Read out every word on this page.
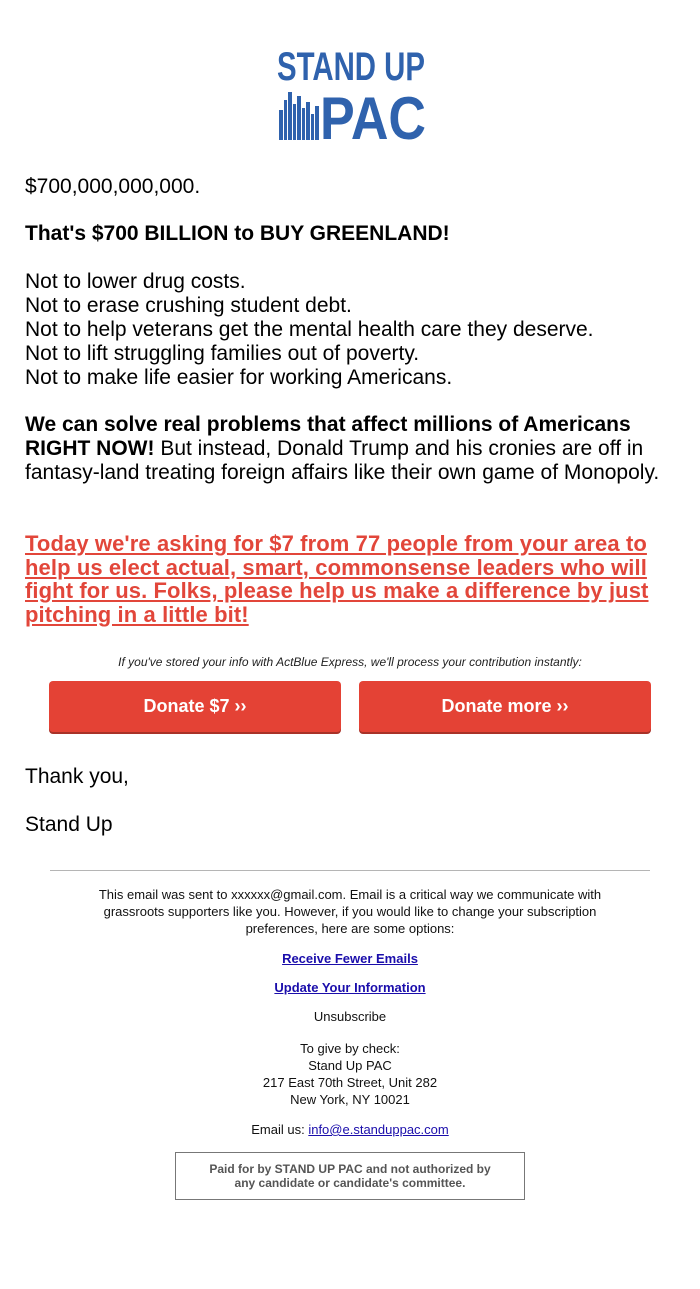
STAND UP
PAC
$700,000,000,000.
That's $700 BILLION to BUY GREENLAND!
Not to lower drug costs.
Not to erase crushing student debt.
Not to help veterans get the mental health care they deserve.
Not to lift struggling families out of poverty.
Not to make life easier for working Americans.
We can solve real problems that affect millions of Americans RIGHT NOW! But instead, Donald Trump and his cronies are off in fantasy-land treating foreign affairs like their own game of Monopoly.
Today we're asking for $7 from 77 people from your area to help us elect actual, smart, commonsense leaders who will fight for us. Folks, please help us make a difference by just pitching in a little bit!
If you've stored your info with ActBlue Express, we'll process your contribution instantly:
Donate $7 ››	Donate more ››
Thank you,
Stand Up
This email was sent to xxxxxx@gmail.com. Email is a critical way we communicate with grassroots supporters like you. However, if you would like to change your subscription preferences, here are some options:
Receive Fewer Emails
Update Your Information
Unsubscribe
To give by check:
Stand Up PAC
217 East 70th Street, Unit 282
New York, NY 10021
Email us: info@e.standuppac.com
Paid for by STAND UP PAC and not authorized by
any candidate or candidate's committee.
